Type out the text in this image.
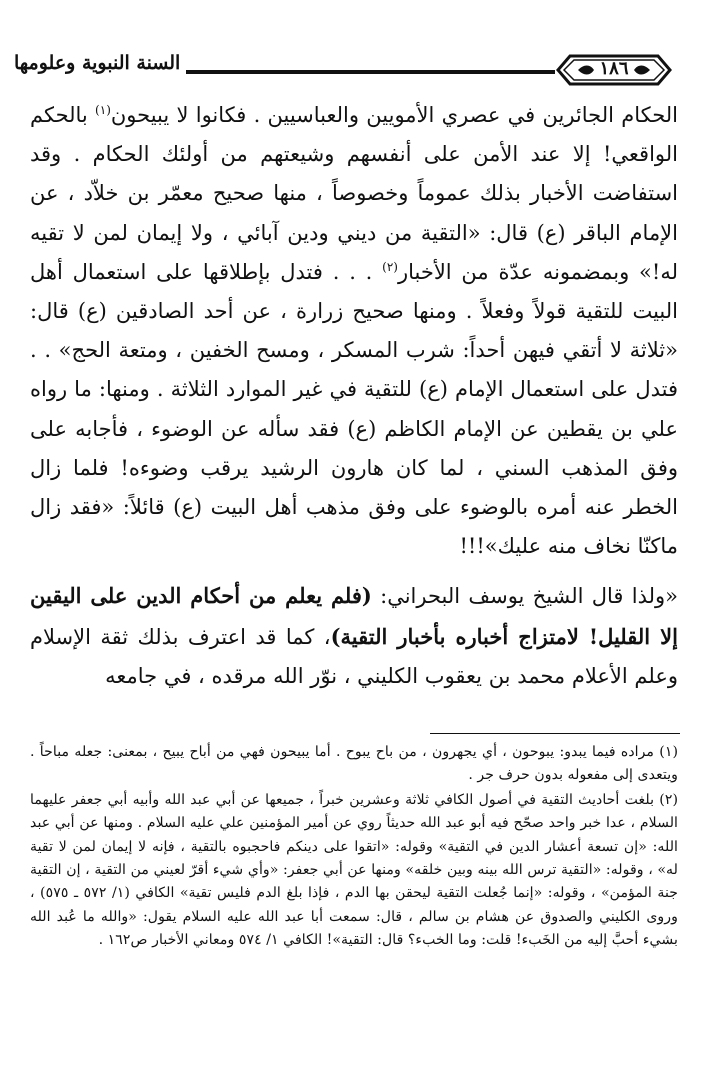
السنة النبوية وعلومها	١٨٦

الحكام الجائرين في عصري الأمويين والعباسيين . فكانوا لا يبيحون$^{(١)}$ بالحكم الواقعي! إلا عند الأمن على أنفسهم وشيعتهم من أولئك الحكام . وقد استفاضت الأخبار بذلك عموماً وخصوصاً ، منها صحيح معمّر بن خلاّد ، عن الإمام الباقر (ع) قال: «التقية من ديني ودين آبائي ، ولا إيمان لمن لا تقيه له!» وبمضمونه عدّة من الأخبار$^{(٢)}$ . . . فتدل بإطلاقها على استعمال أهل البيت للتقية قولاً وفعلاً . ومنها صحيح زرارة ، عن أحد الصادقين (ع) قال: «ثلاثة لا أتقي فيهن أحداً: شرب المسكر ، ومسح الخفين ، ومتعة الحج» . . فتدل على استعمال الإمام (ع) للتقية في غير الموارد الثلاثة . ومنها: ما رواه علي بن يقطين عن الإمام الكاظم (ع) فقد سأله عن الوضوء ، فأجابه على وفق المذهب السني ، لما كان هارون الرشيد يرقب وضوءه! فلما زال الخطر عنه أمره بالوضوء على وفق مذهب أهل البيت (ع) قائلاً: «فقد زال ماكنّا نخاف منه عليك»!!!

«ولذا قال الشيخ يوسف البحراني: (فلم يعلم من أحكام الدين على اليقين إلا القليل! لامتزاج أخباره بأخبار التقية)، كما قد اعترف بذلك ثقة الإسلام وعلم الأعلام محمد بن يعقوب الكليني ، نوّر الله مرقده ، في جامعه

(١) مراده فيما يبدو: يبوحون ، أي يجهرون ، من باح يبوح . أما يبيحون فهي من أباح يبيح ، بمعنى: جعله مباحاً . ويتعدى إلى مفعوله بدون حرف جر .

(٢) بلغت أحاديث التقية في أصول الكافي ثلاثة وعشرين خبراً ، جميعها عن أبي عبد الله وأبيه أبي جعفر عليهما السلام ، عدا خبر واحد صحّح فيه أبو عبد الله حديثاً روي عن أمير المؤمنين علي عليه السلام . ومنها عن أبي عبد الله: «إن تسعة أعشار الدين في التقية» وقوله: «اتقوا على دينكم فاحجبوه بالتقية ، فإنه لا إيمان لمن لا تقية له» ، وقوله: «التقية ترس الله بينه وبين خلقه» ومنها عن أبي جعفر: «وأي شيء أقرّ لعيني من التقية ، إن التقية جنة المؤمن» ، وقوله: «إنما جُعلت التقية ليحقن بها الدم ، فإذا بلغ الدم فليس تقية» الكافي (١/ ٥٧٢ ـ ٥٧٥) ، وروى الكليني والصدوق عن هشام بن سالم ، قال: سمعت أبا عبد الله عليه السلام يقول: «والله ما عُبد الله بشيء أحبَّ إليه من الخَبء! قلت: وما الخبء؟ قال: التقية»! الكافي ١/ ٥٧٤ ومعاني الأخبار ص١٦٢ .
